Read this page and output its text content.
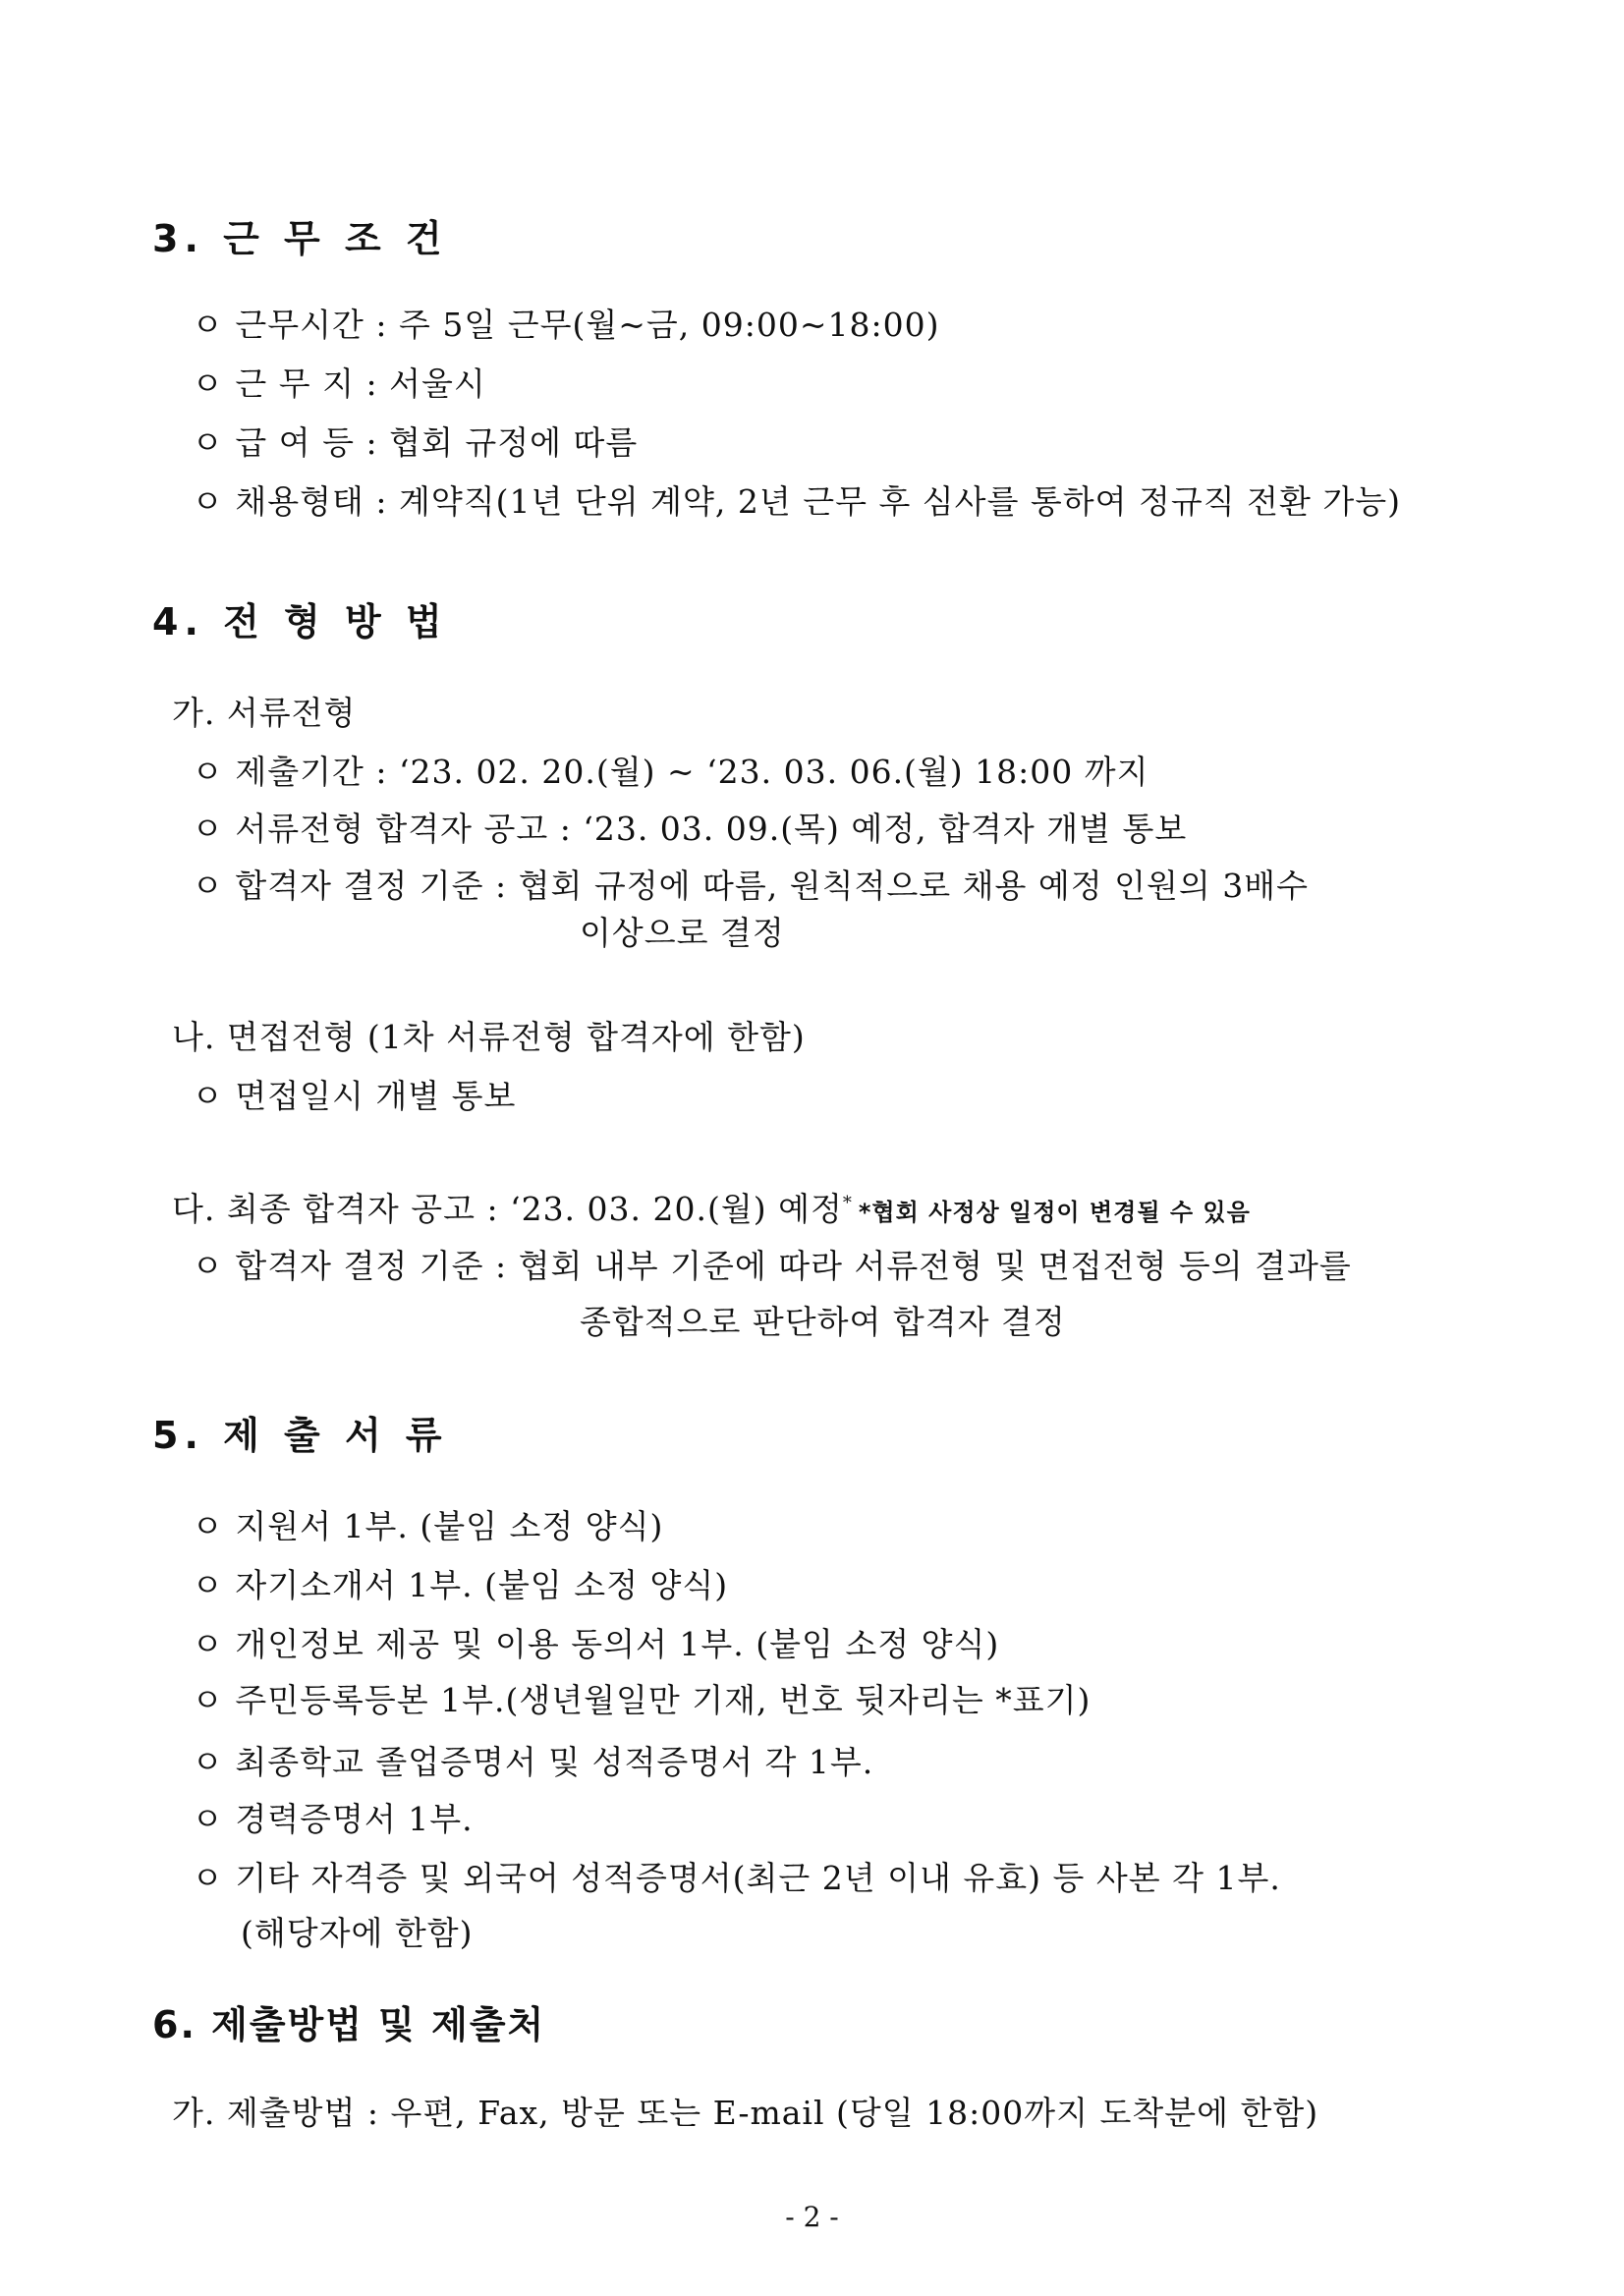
3. 근 무 조 건
ㅇ 근무시간 : 주 5일 근무(월~금, 09:00~18:00)
ㅇ 근 무 지 : 서울시
ㅇ 급 여 등 : 협회 규정에 따름
ㅇ 채용형태 : 계약직(1년 단위 계약, 2년 근무 후 심사를 통하여 정규직 전환 가능)
4. 전 형 방 법
가. 서류전형
ㅇ 제출기간 : ‘23. 02. 20.(월) ~ ‘23. 03. 06.(월) 18:00 까지
ㅇ 서류전형 합격자 공고 : ‘23. 03. 09.(목) 예정, 합격자 개별 통보
ㅇ 합격자 결정 기준 : 협회 규정에 따름, 원칙적으로 채용 예정 인원의 3배수
이상으로 결정
나. 면접전형 (1차 서류전형 합격자에 한함)
ㅇ 면접일시 개별 통보
다. 최종 합격자 공고 : ‘23. 03. 20.(월) 예정* *협회 사정상 일정이 변경될 수 있음
ㅇ 합격자 결정 기준 : 협회 내부 기준에 따라 서류전형 및 면접전형 등의 결과를
종합적으로 판단하여 합격자 결정
5. 제 출 서 류
ㅇ 지원서 1부. (붙임 소정 양식)
ㅇ 자기소개서 1부. (붙임 소정 양식)
ㅇ 개인정보 제공 및 이용 동의서 1부. (붙임 소정 양식)
ㅇ 주민등록등본 1부.(생년월일만 기재, 번호 뒷자리는 *표기)
ㅇ 최종학교 졸업증명서 및 성적증명서 각 1부.
ㅇ 경력증명서 1부.
ㅇ 기타 자격증 및 외국어 성적증명서(최근 2년 이내 유효) 등 사본 각 1부.
(해당자에 한함)
6. 제출방법 및 제출처
가. 제출방법 : 우편, Fax, 방문 또는 E-mail (당일 18:00까지 도착분에 한함)
- 2 -
